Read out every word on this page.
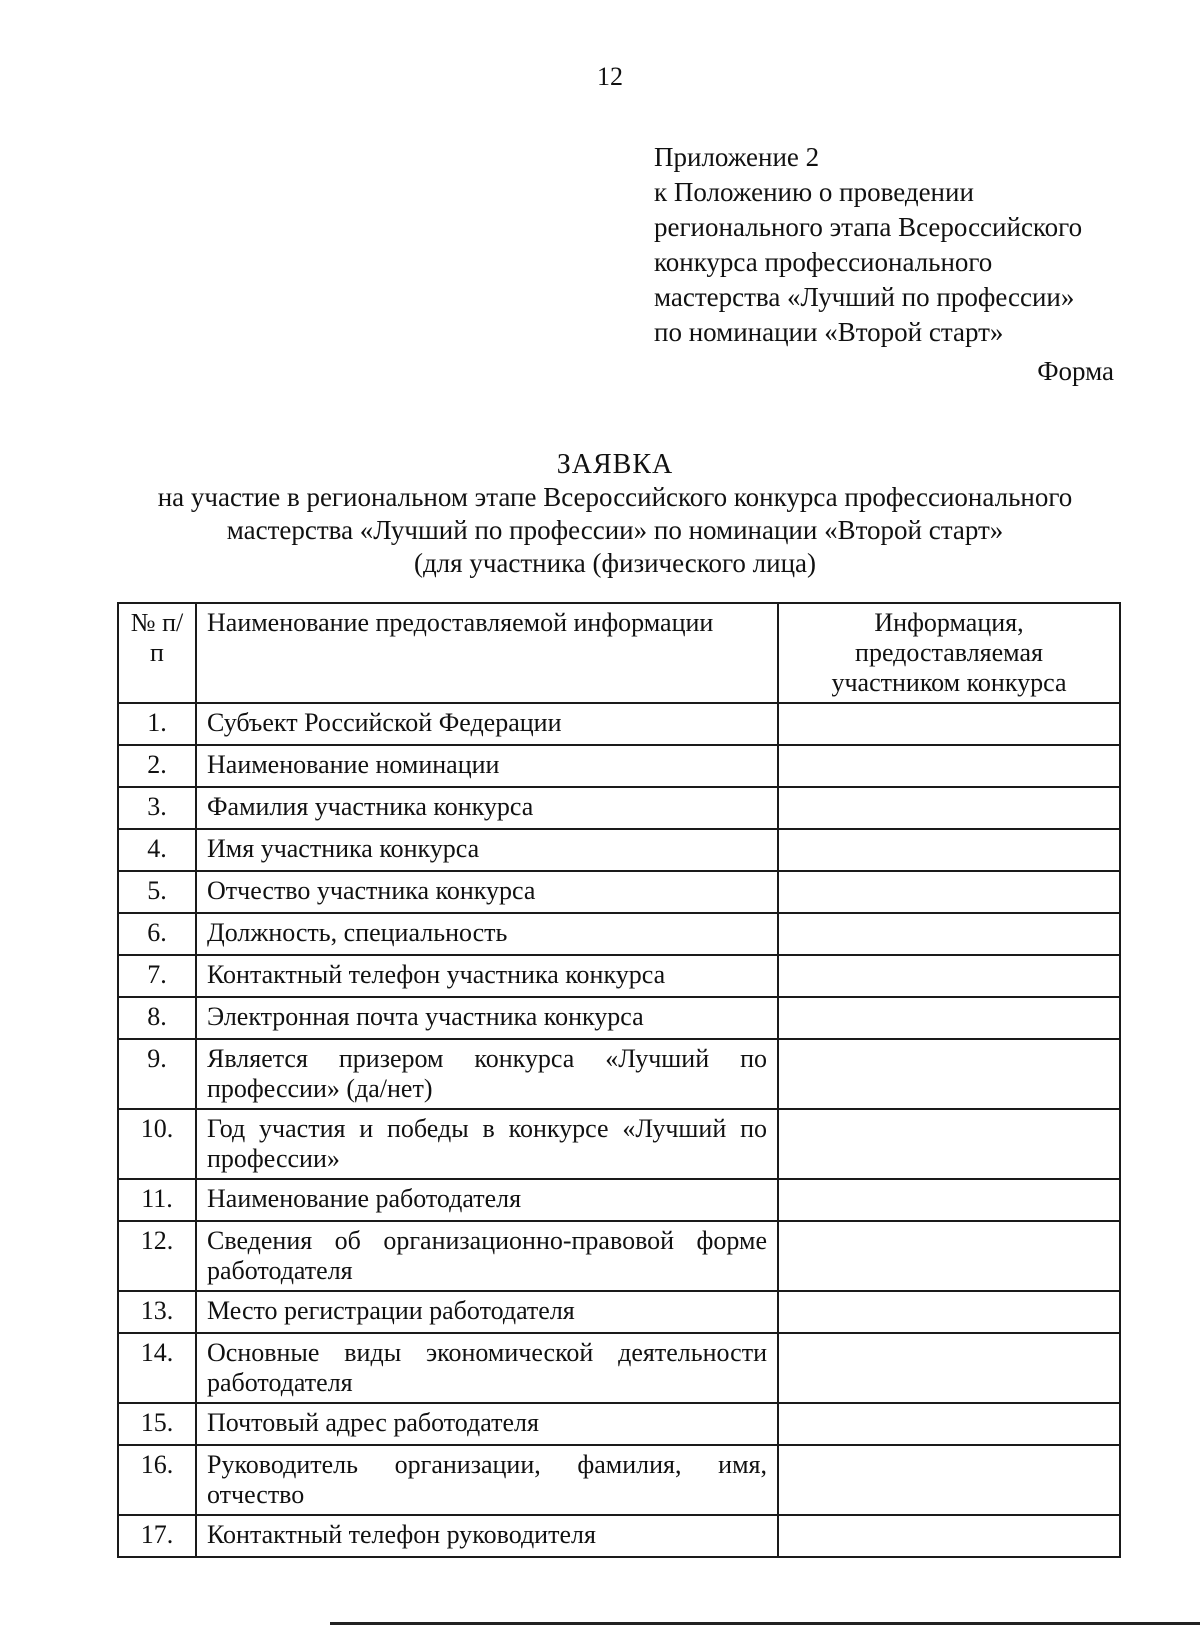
12
Приложение 2
к Положению о проведении
регионального этапа Всероссийского
конкурса профессионального
мастерства «Лучший по профессии»
по номинации «Второй старт»
Форма
ЗАЯВКА
на участие в региональном этапе Всероссийского конкурса профессионального
мастерства «Лучший по профессии» по номинации «Второй старт»
(для участника (физического лица)
№ п/п	Наименование предоставляемой информации	Информация, предоставляемая участником конкурса
1.	Субъект Российской Федерации	
2.	Наименование номинации	
3.	Фамилия участника конкурса	
4.	Имя участника конкурса	
5.	Отчество участника конкурса	
6.	Должность, специальность	
7.	Контактный телефон участника конкурса	
8.	Электронная почта участника конкурса	
9.	Является призером конкурса «Лучший по профессии» (да/нет)	
10.	Год участия и победы в конкурсе «Лучший по профессии»	
11.	Наименование работодателя	
12.	Сведения об организационно-правовой форме работодателя	
13.	Место регистрации работодателя	
14.	Основные виды экономической деятельности работодателя	
15.	Почтовый адрес работодателя	
16.	Руководитель организации, фамилия, имя, отчество	
17.	Контактный телефон руководителя	
